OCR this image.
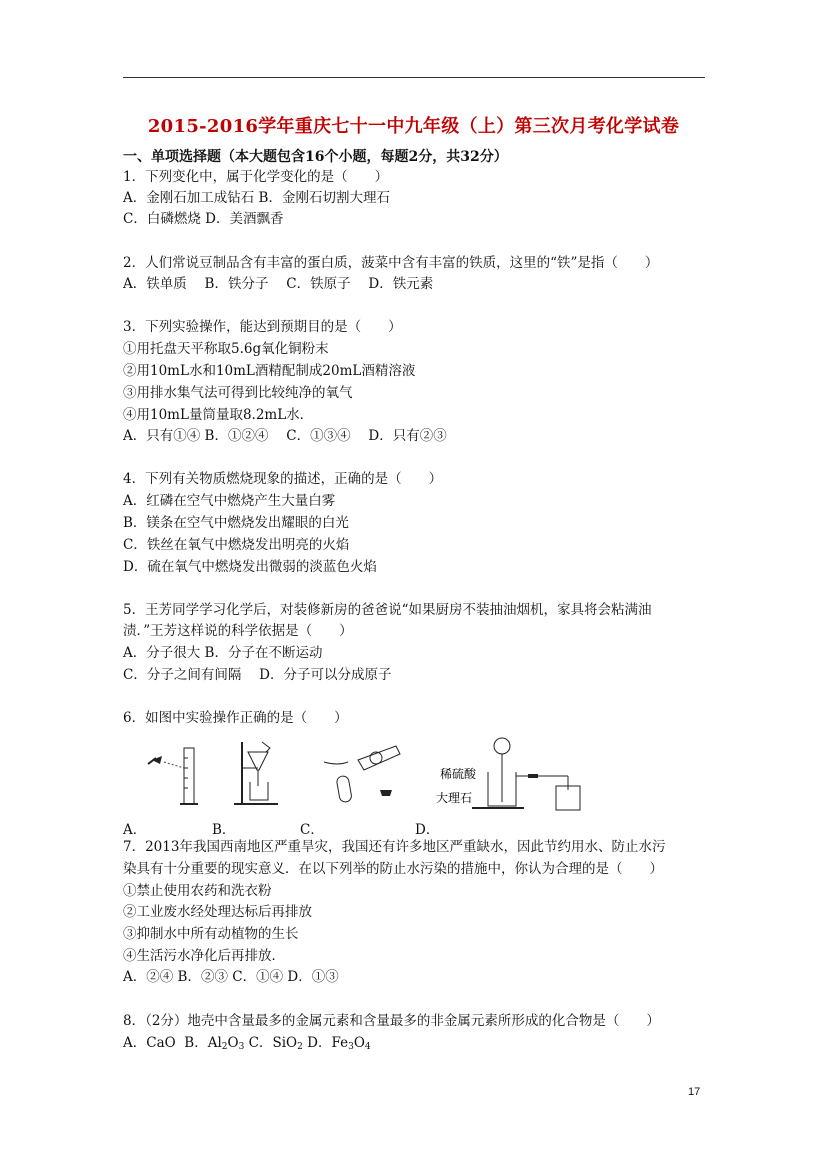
2015-2016学年重庆七十一中九年级（上）第三次月考化学试卷
一、单项选择题（本大题包含16个小题，每题2分，共32分）
1．下列变化中，属于化学变化的是（　　）
A．金刚石加工成钻石 B．金刚石切割大理石
C．白磷燃烧 D．美酒飘香
2．人们常说豆制品含有丰富的蛋白质，菠菜中含有丰富的铁质，这里的“铁”是指（　　）
A．铁单质　 B．铁分子　 C．铁原子　 D．铁元素
3．下列实验操作，能达到预期目的是（　　）
①用托盘天平称取5.6g氧化铜粉末
②用10mL水和10mL酒精配制成20mL酒精溶液
③用排水集气法可得到比较纯净的氧气
④用10mL量筒量取8.2mL水．
A．只有①④ B．①②④　 C．①③④　 D．只有②③
4．下列有关物质燃烧现象的描述，正确的是（　　）
A．红磷在空气中燃烧产生大量白雾
B．镁条在空气中燃烧发出耀眼的白光
C．铁丝在氧气中燃烧发出明亮的火焰
D．硫在氧气中燃烧发出微弱的淡蓝色火焰
5．王芳同学学习化学后，对装修新房的爸爸说“如果厨房不装抽油烟机，家具将会粘满油
渍．”王芳这样说的科学依据是（　　）
A．分子很大 B．分子在不断运动
C．分子之间有间隔　 D．分子可以分成原子
6．如图中实验操作正确的是（　　）
A．	B．	C．	D．
稀硫酸
大理石
7．2013年我国西南地区严重旱灾，我国还有许多地区严重缺水，因此节约用水、防止水污
染具有十分重要的现实意义．在以下列举的防止水污染的措施中，你认为合理的是（　　）
①禁止使用农药和洗衣粉
②工业废水经处理达标后再排放
③抑制水中所有动植物的生长
④生活污水净化后再排放．
A．②④ B．②③ C．①④ D．①③
8．（2分）地壳中含量最多的金属元素和含量最多的非金属元素所形成的化合物是（　　）
A．CaO B．$Al_2O_3$ C．SiO$_2$ D．$Fe_3O_4$
17
